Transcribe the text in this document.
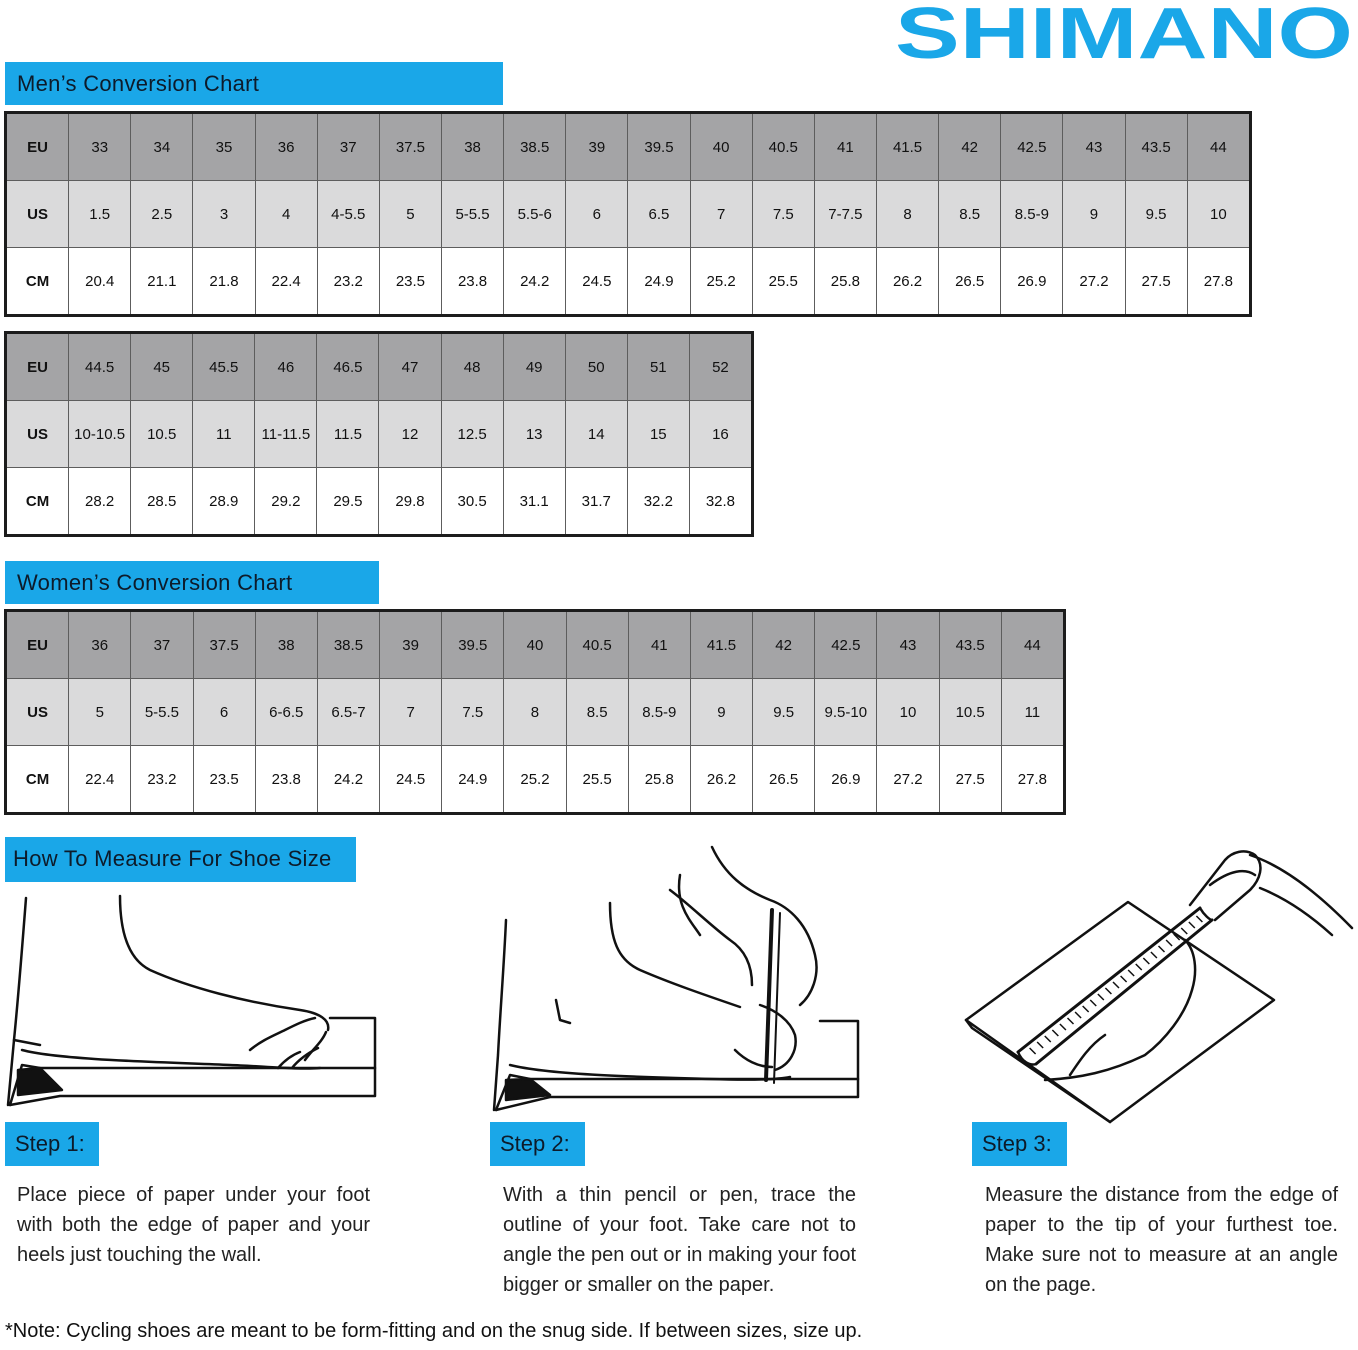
SHIMANO
Men’s Conversion Chart
EU	33	34	35	36	37	37.5	38	38.5	39	39.5	40	40.5	41	41.5	42	42.5	43	43.5	44
US	1.5	2.5	3	4	4-5.5	5	5-5.5	5.5-6	6	6.5	7	7.5	7-7.5	8	8.5	8.5-9	9	9.5	10
CM	20.4	21.1	21.8	22.4	23.2	23.5	23.8	24.2	24.5	24.9	25.2	25.5	25.8	26.2	26.5	26.9	27.2	27.5	27.8
EU	44.5	45	45.5	46	46.5	47	48	49	50	51	52
US	10-10.5	10.5	11	11-11.5	11.5	12	12.5	13	14	15	16
CM	28.2	28.5	28.9	29.2	29.5	29.8	30.5	31.1	31.7	32.2	32.8
Women’s Conversion Chart
EU	36	37	37.5	38	38.5	39	39.5	40	40.5	41	41.5	42	42.5	43	43.5	44
US	5	5-5.5	6	6-6.5	6.5-7	7	7.5	8	8.5	8.5-9	9	9.5	9.5-10	10	10.5	11
CM	22.4	23.2	23.5	23.8	24.2	24.5	24.9	25.2	25.5	25.8	26.2	26.5	26.9	27.2	27.5	27.8
How To Measure For Shoe Size
Step 1:	Step 2:	Step 3:
Place piece of paper under your foot with both the edge of paper and your heels just touching the wall.
With a thin pencil or pen, trace the outline of your foot. Take care not to angle the pen out or in making your foot bigger or smaller on the paper.
Measure the distance from the edge of paper to the tip of your furthest toe. Make sure not to measure at an angle on the page.
*Note: Cycling shoes are meant to be form-fitting and on the snug side. If between sizes, size up.
